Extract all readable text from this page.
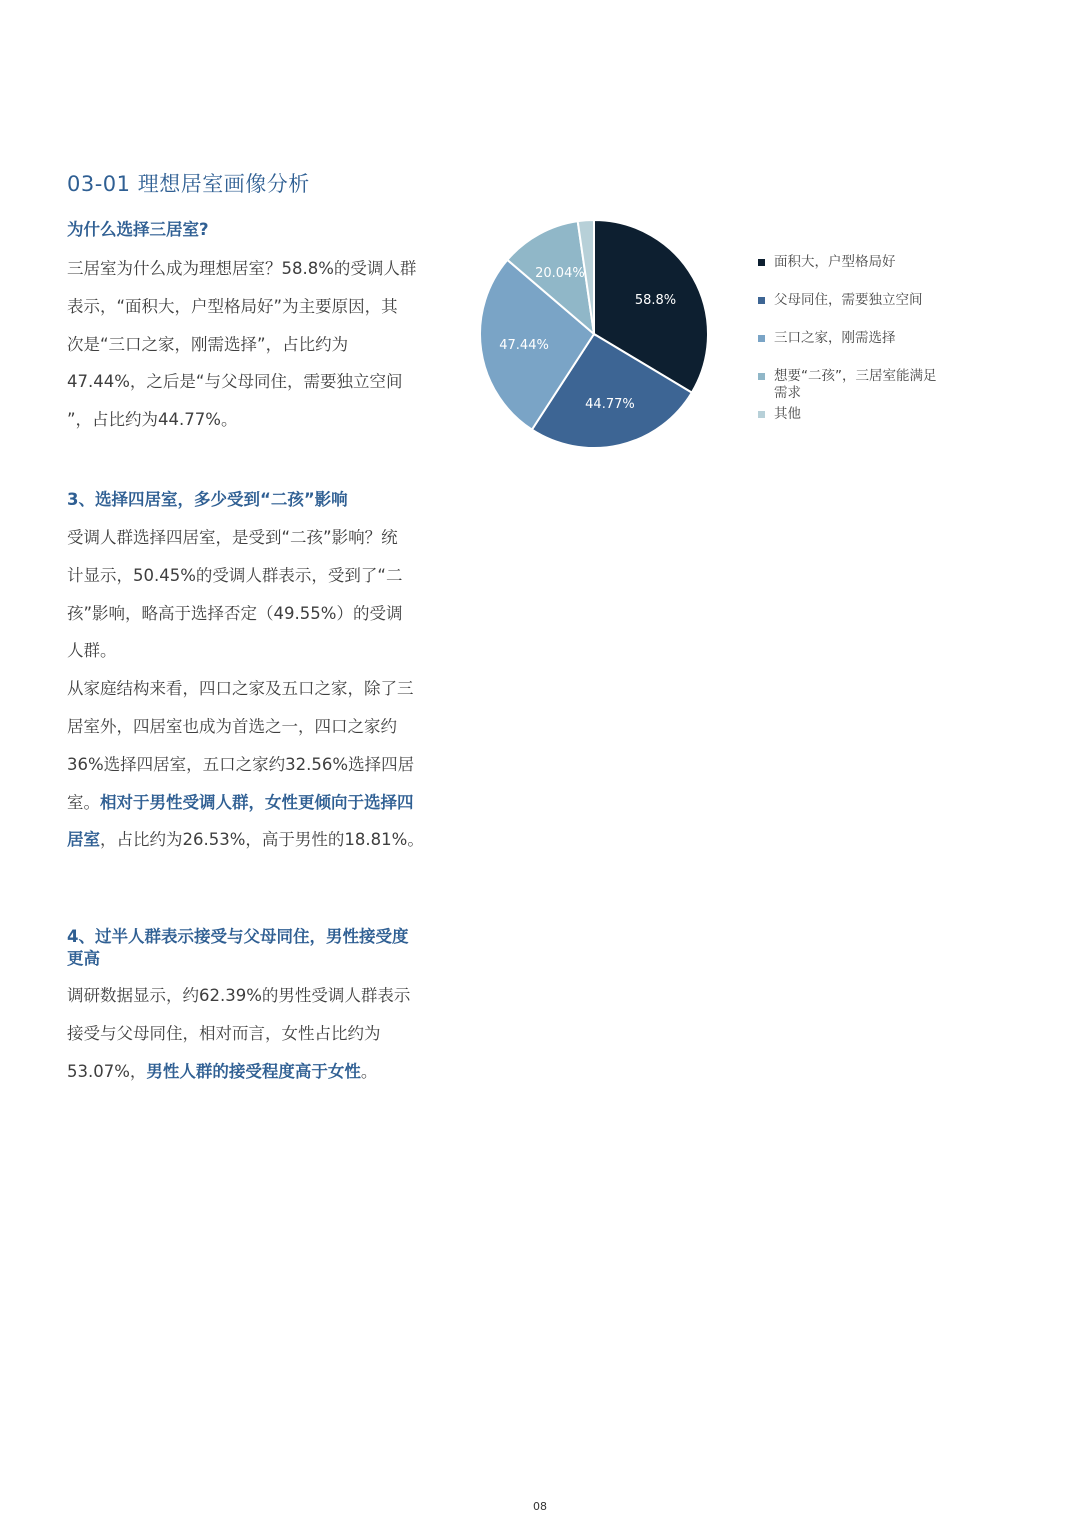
03-01 理想居室画像分析
为什么选择三居室?
三居室为什么成为理想居室？58.8%的受调人群
表示，“面积大，户型格局好”为主要原因，其
次是“三口之家，刚需选择”，占比约为
47.44%，之后是“与父母同住，需要独立空间
”，占比约为44.77%。
3、选择四居室，多少受到“二孩”影响
受调人群选择四居室，是受到“二孩”影响？统
计显示，50.45%的受调人群表示，受到了“二
孩”影响，略高于选择否定（49.55%）的受调
人群。
从家庭结构来看，四口之家及五口之家，除了三
居室外，四居室也成为首选之一，四口之家约
36%选择四居室，五口之家约32.56%选择四居
室。相对于男性受调人群，女性更倾向于选择四
居室，占比约为26.53%，高于男性的18.81%。
4、过半人群表示接受与父母同住，男性接受度
更高
调研数据显示，约62.39%的男性受调人群表示
接受与父母同住，相对而言，女性占比约为
53.07%，男性人群的接受程度高于女性。
58.8%
44.77%
47.44%
20.04%
面积大，户型格局好
父母同住，需要独立空间
三口之家，刚需选择
想要“二孩”，三居室能满足
需求
其他
08
